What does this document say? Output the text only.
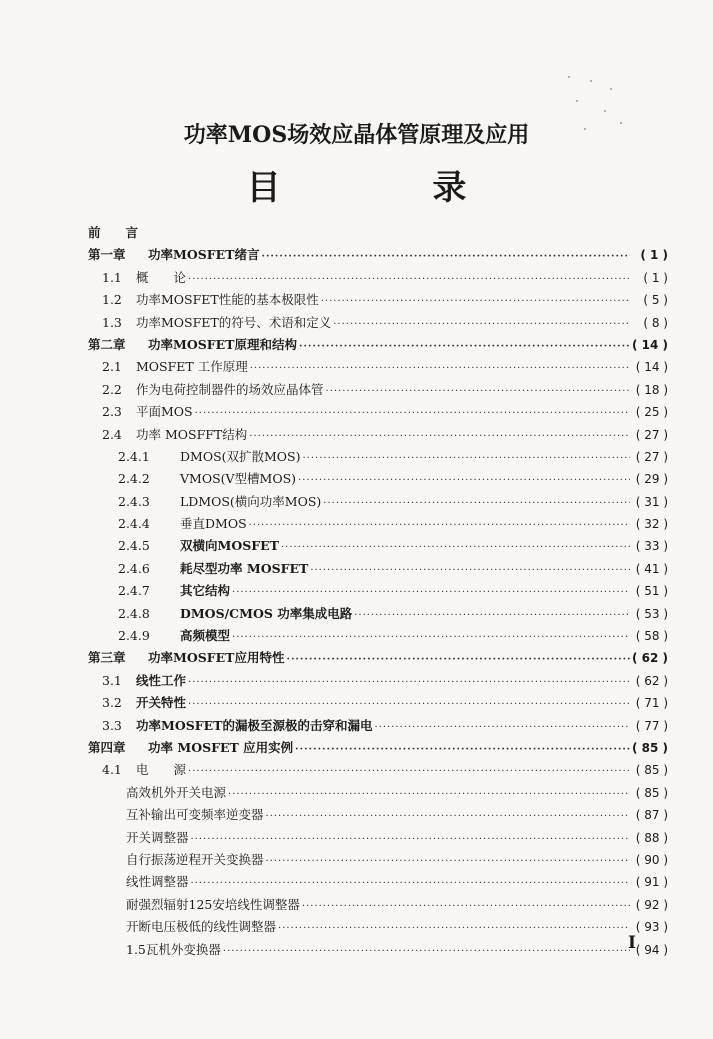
功率MOS场效应晶体管原理及应用
目 录
前　　言
第一章	功率MOSFET绪言 ·····	( 1 )
1.1	概　　论 ·····	( 1 )
1.2	功率MOSFET性能的基本极限性 ·····	( 5 )
1.3	功率MOSFET的符号、术语和定义 ·····	( 8 )
第二章	功率MOSFET原理和结构 ·····	( 14 )
2.1	MOSFET 工作原理 ·····	( 14 )
2.2	作为电荷控制器件的场效应晶体管 ·····	( 18 )
2.3	平面MOS ·····	( 25 )
2.4	功率 MOSFFT结构 ·····	( 27 )
2.4.1	DMOS(双扩散MOS) ·····	( 27 )
2.4.2	VMOS(V型槽MOS) ·····	( 29 )
2.4.3	LDMOS(横向功率MOS) ·····	( 31 )
2.4.4	垂直DMOS ·····	( 32 )
2.4.5	双横向MOSFET ·····	( 33 )
2.4.6	耗尽型功率 MOSFET ·····	( 41 )
2.4.7	其它结构 ·····	( 51 )
2.4.8	DMOS/CMOS 功率集成电路 ·····	( 53 )
2.4.9	高频模型 ·····	( 58 )
第三章	功率MOSFET应用特性 ·····	( 62 )
3.1	线性工作 ·····	( 62 )
3.2	开关特性 ·····	( 71 )
3.3	功率MOSFET的漏极至源极的击穿和漏电 ·····	( 77 )
第四章	功率 MOSFET 应用实例 ·····	( 85 )
4.1	电　　源 ·····	( 85 )
高效机外开关电源 ·····	( 85 )
互补输出可变频率逆变器 ·····	( 87 )
开关调整器 ·····	( 88 )
自行振荡逆程开关变换器 ·····	( 90 )
线性调整器 ·····	( 91 )
耐强烈辐射125安培线性调整器 ·····	( 92 )
开断电压极低的线性调整器 ·····	( 93 )
1.5瓦机外变换器 ·····	( 94 )
I
